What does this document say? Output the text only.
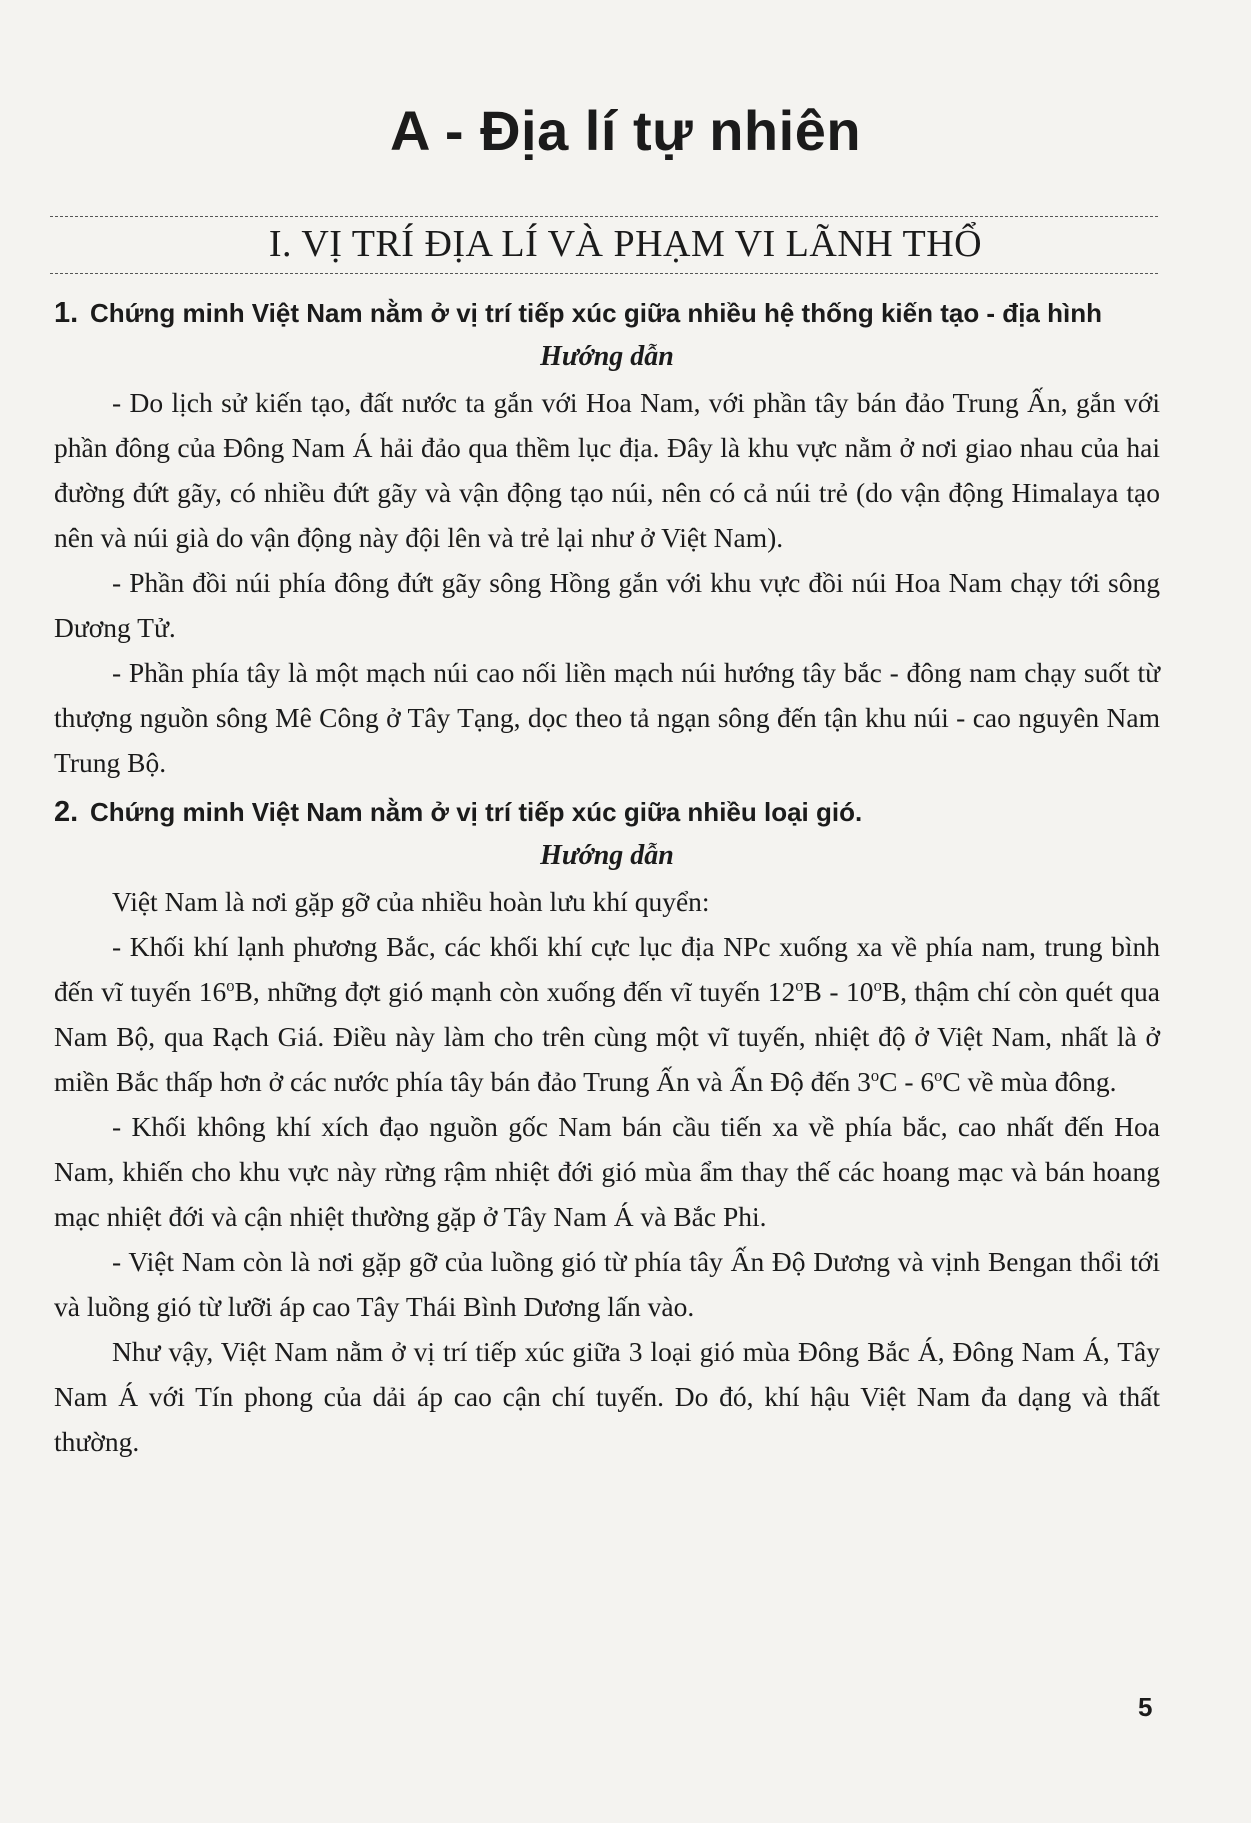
A - Địa lí tự nhiên
I. VỊ TRÍ ĐỊA LÍ VÀ PHẠM VI LÃNH THỔ

1. Chứng minh Việt Nam nằm ở vị trí tiếp xúc giữa nhiều hệ thống kiến tạo - địa hình

Hướng dẫn

- Do lịch sử kiến tạo, đất nước ta gắn với Hoa Nam, với phần tây bán đảo Trung Ấn, gắn với phần đông của Đông Nam Á hải đảo qua thềm lục địa. Đây là khu vực nằm ở nơi giao nhau của hai đường đứt gãy, có nhiều đứt gãy và vận động tạo núi, nên có cả núi trẻ (do vận động Himalaya tạo nên và núi già do vận động này đội lên và trẻ lại như ở Việt Nam).

- Phần đồi núi phía đông đứt gãy sông Hồng gắn với khu vực đồi núi Hoa Nam chạy tới sông Dương Tử.

- Phần phía tây là một mạch núi cao nối liền mạch núi hướng tây bắc - đông nam chạy suốt từ thượng nguồn sông Mê Công ở Tây Tạng, dọc theo tả ngạn sông đến tận khu núi - cao nguyên Nam Trung Bộ.

2. Chứng minh Việt Nam nằm ở vị trí tiếp xúc giữa nhiều loại gió.

Hướng dẫn

Việt Nam là nơi gặp gỡ của nhiều hoàn lưu khí quyển:

- Khối khí lạnh phương Bắc, các khối khí cực lục địa NPc xuống xa về phía nam, trung bình đến vĩ tuyến 16$^o$B, những đợt gió mạnh còn xuống đến vĩ tuyến 12$^o$B - 10$^o$B, thậm chí còn quét qua Nam Bộ, qua Rạch Giá. Điều này làm cho trên cùng một vĩ tuyến, nhiệt độ ở Việt Nam, nhất là ở miền Bắc thấp hơn ở các nước phía tây bán đảo Trung Ấn và Ấn Độ đến 3$^o$C - 6$^o$C về mùa đông.

- Khối không khí xích đạo nguồn gốc Nam bán cầu tiến xa về phía bắc, cao nhất đến Hoa Nam, khiến cho khu vực này rừng rậm nhiệt đới gió mùa ẩm thay thế các hoang mạc và bán hoang mạc nhiệt đới và cận nhiệt thường gặp ở Tây Nam Á và Bắc Phi.

- Việt Nam còn là nơi gặp gỡ của luồng gió từ phía tây Ấn Độ Dương và vịnh Bengan thổi tới và luồng gió từ lưỡi áp cao Tây Thái Bình Dương lấn vào.

Như vậy, Việt Nam nằm ở vị trí tiếp xúc giữa 3 loại gió mùa Đông Bắc Á, Đông Nam Á, Tây Nam Á với Tín phong của dải áp cao cận chí tuyến. Do đó, khí hậu Việt Nam đa dạng và thất thường.

5
